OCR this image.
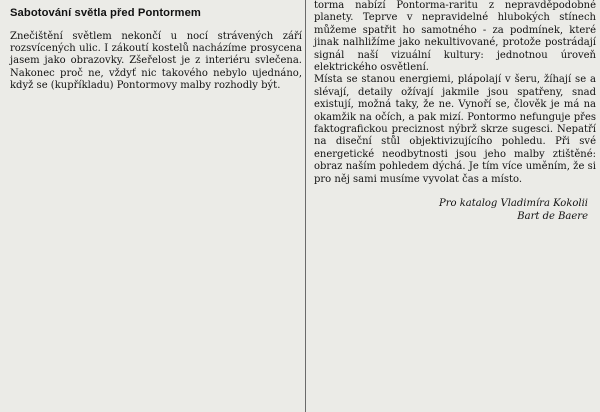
Sabotování světla před Pontormem

Znečištění světlem nekončí u nocí strávených září rozsvícených ulic. I zákoutí kostelů nacházíme prosycena jasem jako obrazovky. Zšeřelost je z interiéru svlečena. Nakonec proč ne, vždyť nic takového nebylo ujednáno, když se (kupříkladu) Pontormovy malby rozhodly být.

torma nabízí Pontorma-raritu z nepravděpodobné planety. Teprve v nepravidelné hlubokých stínech můžeme spatřit ho samotného - za podmínek, které jinak nalhližíme jako nekultivované, protože postrádají signál naší vizuální kultury: jednotnou úroveň elektrického osvětlení.

Místa se stanou energiemi, plápolají v šeru, žíhají se a slévají, detaily ožívají jakmile jsou spatřeny, snad existují, možná taky, že ne. Vynoří se, člověk je má na okamžik na očích, a pak mizí. Pontormo nefunguje přes faktografickou preciznost nýbrž skrze sugesci. Nepatří na diseční stůl objektivizujícího pohledu. Při své energetické neodbytnosti jsou jeho malby ztištěné: obraz naším pohledem dýchá. Je tím více uměním, že si pro něj sami musíme vyvolat čas a místo.

Pro katalog Vladimíra Kokolii
Bart de Baere
